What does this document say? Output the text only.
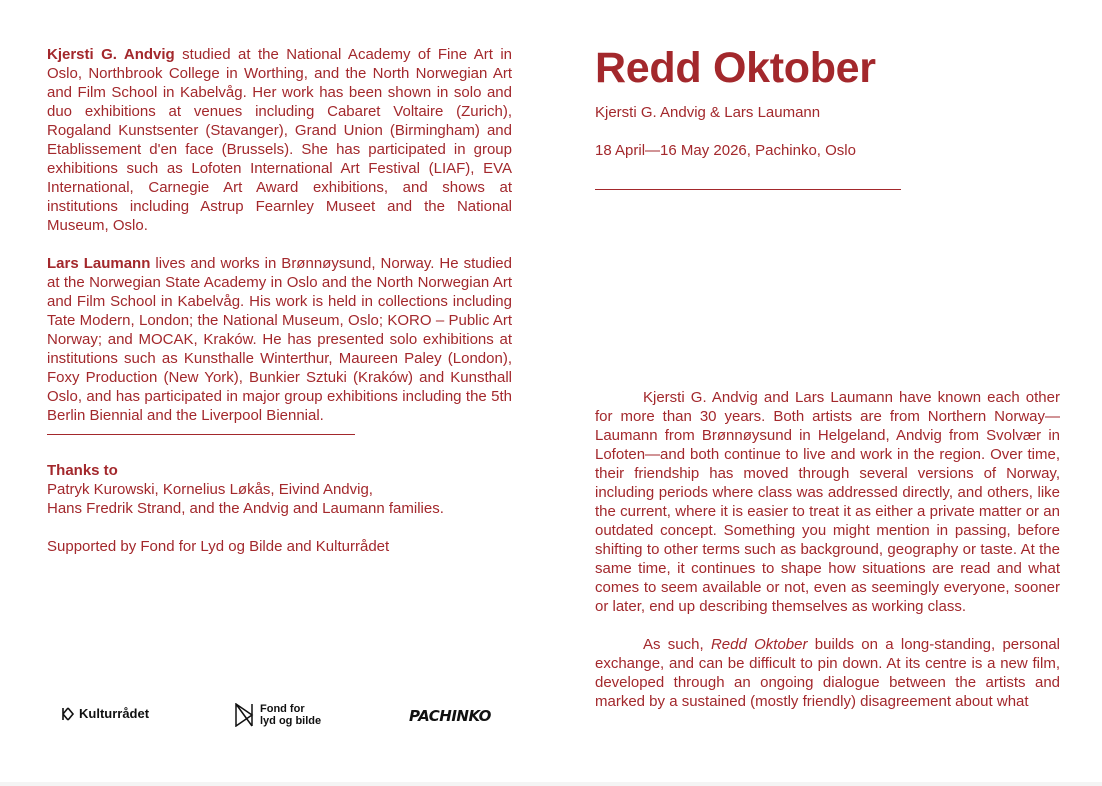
Kjersti G. Andvig studied at the National Academy of Fine Art in Oslo, Northbrook College in Worthing, and the North Norwegian Art and Film School in Kabelvåg. Her work has been shown in solo and duo exhibitions at venues including Cabaret Voltaire (Zurich), Rogaland Kunstsenter (Stavanger), Grand Union (Birmingham) and Etablissement d'en face (Brussels). She has participated in group exhibitions such as Lofoten International Art Festival (LIAF), EVA International, Carnegie Art Award exhibitions, and shows at institutions including Astrup Fearnley Museet and the National Museum, Oslo.

Lars Laumann lives and works in Brønnøysund, Norway. He studied at the Norwegian State Academy in Oslo and the North Norwegian Art and Film School in Kabelvåg. His work is held in collections including Tate Modern, London; the National Museum, Oslo; KORO – Public Art Norway; and MOCAK, Kraków. He has presented solo exhibitions at institutions such as Kunsthalle Winterthur, Maureen Paley (London), Foxy Production (New York), Bunkier Sztuki (Kraków) and Kunsthall Oslo, and has participated in major group exhibitions including the 5th Berlin Biennial and the Liverpool Biennial.

Thanks to
Patryk Kurowski, Kornelius Løkås, Eivind Andvig,
Hans Fredrik Strand, and the Andvig and Laumann families.
Supported by Fond for Lyd og Bilde and Kulturrådet
Kulturrådet	Fond for
lyd og bilde	PACHINKO
Redd Oktober
Kjersti G. Andvig & Lars Laumann
18 April—16 May 2026, Pachinko, Oslo

Kjersti G. Andvig and Lars Laumann have known each other for more than 30 years. Both artists are from Northern Norway—Laumann from Brønnøysund in Helgeland, Andvig from Svolvær in Lofoten—and both continue to live and work in the region. Over time, their friendship has moved through several versions of Norway, including periods where class was addressed directly, and others, like the current, where it is easier to treat it as either a private matter or an outdated concept. Something you might mention in passing, before shifting to other terms such as background, geography or taste. At the same time, it continues to shape how situations are read and what comes to seem available or not, even as seemingly everyone, sooner or later, end up describing themselves as working class.

As such, Redd Oktober builds on a long-standing, personal exchange, and can be difficult to pin down. At its centre is a new film, developed through an ongoing dialogue between the artists and marked by a sustained (mostly friendly) disagreement about what
